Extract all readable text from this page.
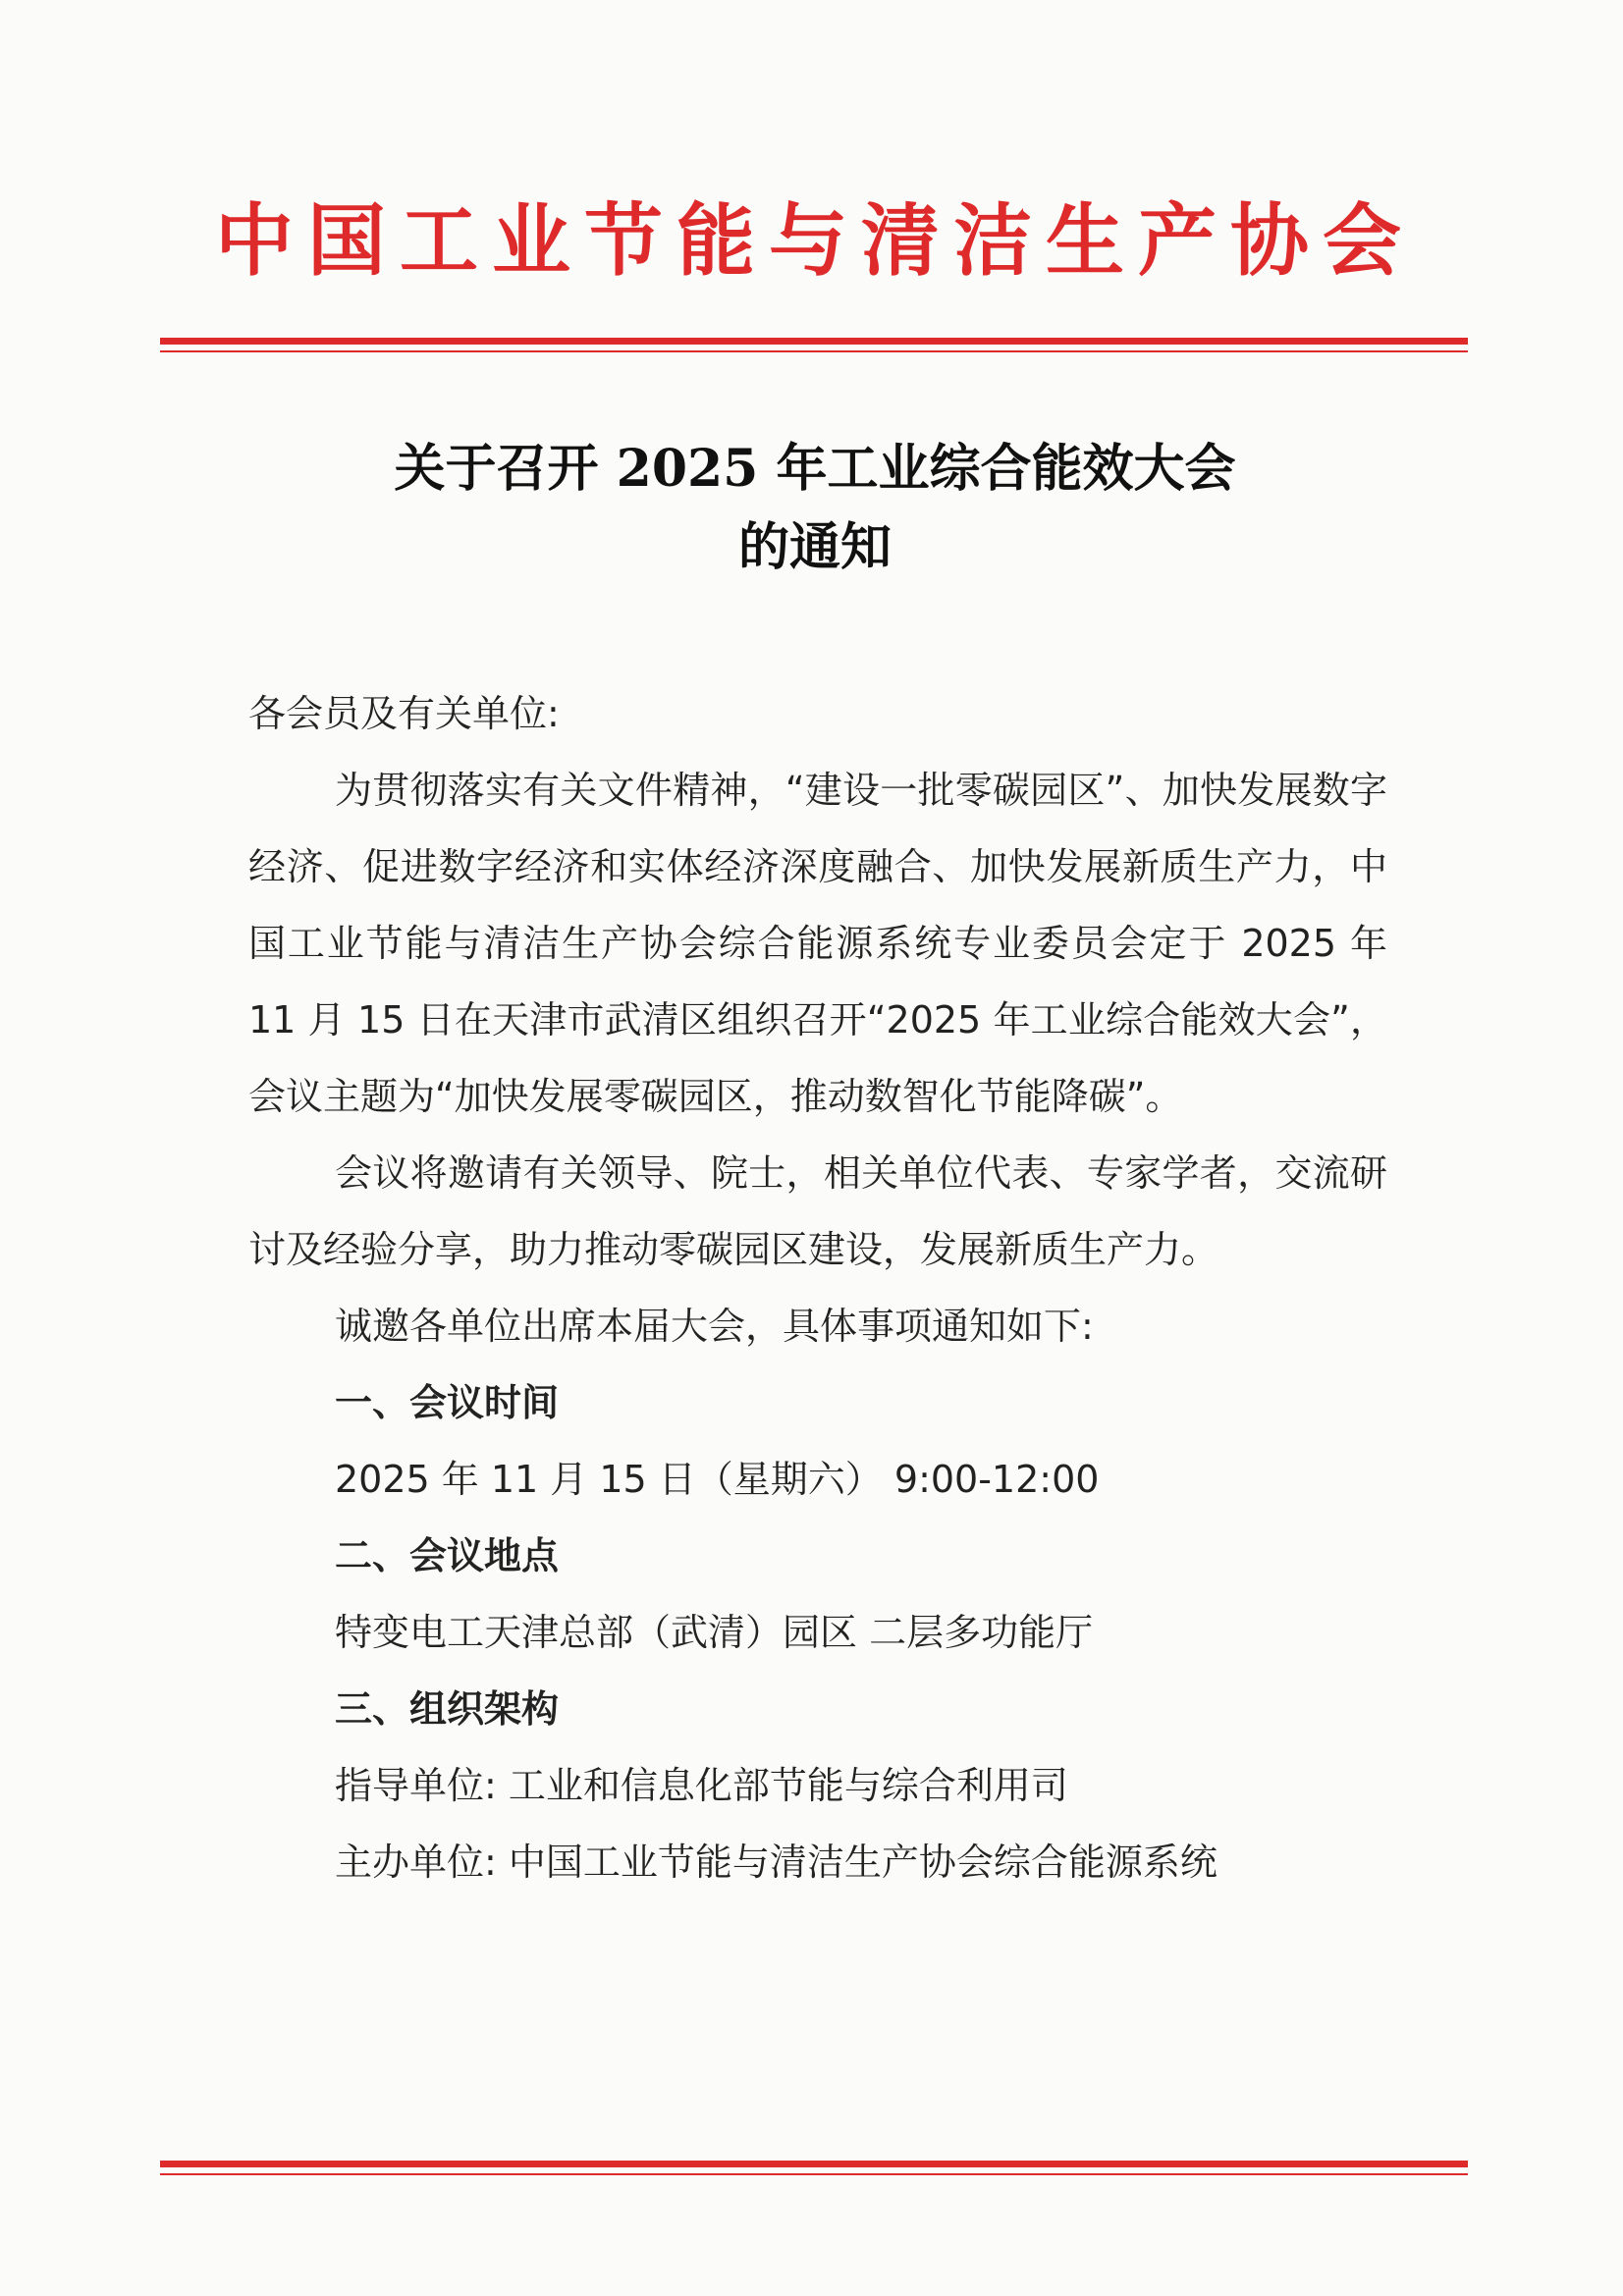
中国工业节能与清洁生产协会
关于召开 2025 年工业综合能效大会
的通知

各会员及有关单位:

为贯彻落实有关文件精神，“建设一批零碳园区”、加快发展数字经济、促进数字经济和实体经济深度融合、加快发展新质生产力，中国工业节能与清洁生产协会综合能源系统专业委员会定于 2025 年 11 月 15 日在天津市武清区组织召开“2025 年工业综合能效大会”，会议主题为“加快发展零碳园区，推动数智化节能降碳”。

会议将邀请有关领导、院士，相关单位代表、专家学者，交流研讨及经验分享，助力推动零碳园区建设，发展新质生产力。

诚邀各单位出席本届大会，具体事项通知如下:

一、会议时间

2025 年 11 月 15 日（星期六） 9:00-12:00

二、会议地点

特变电工天津总部（武清）园区 二层多功能厅

三、组织架构

指导单位: 工业和信息化部节能与综合利用司

主办单位: 中国工业节能与清洁生产协会综合能源系统
